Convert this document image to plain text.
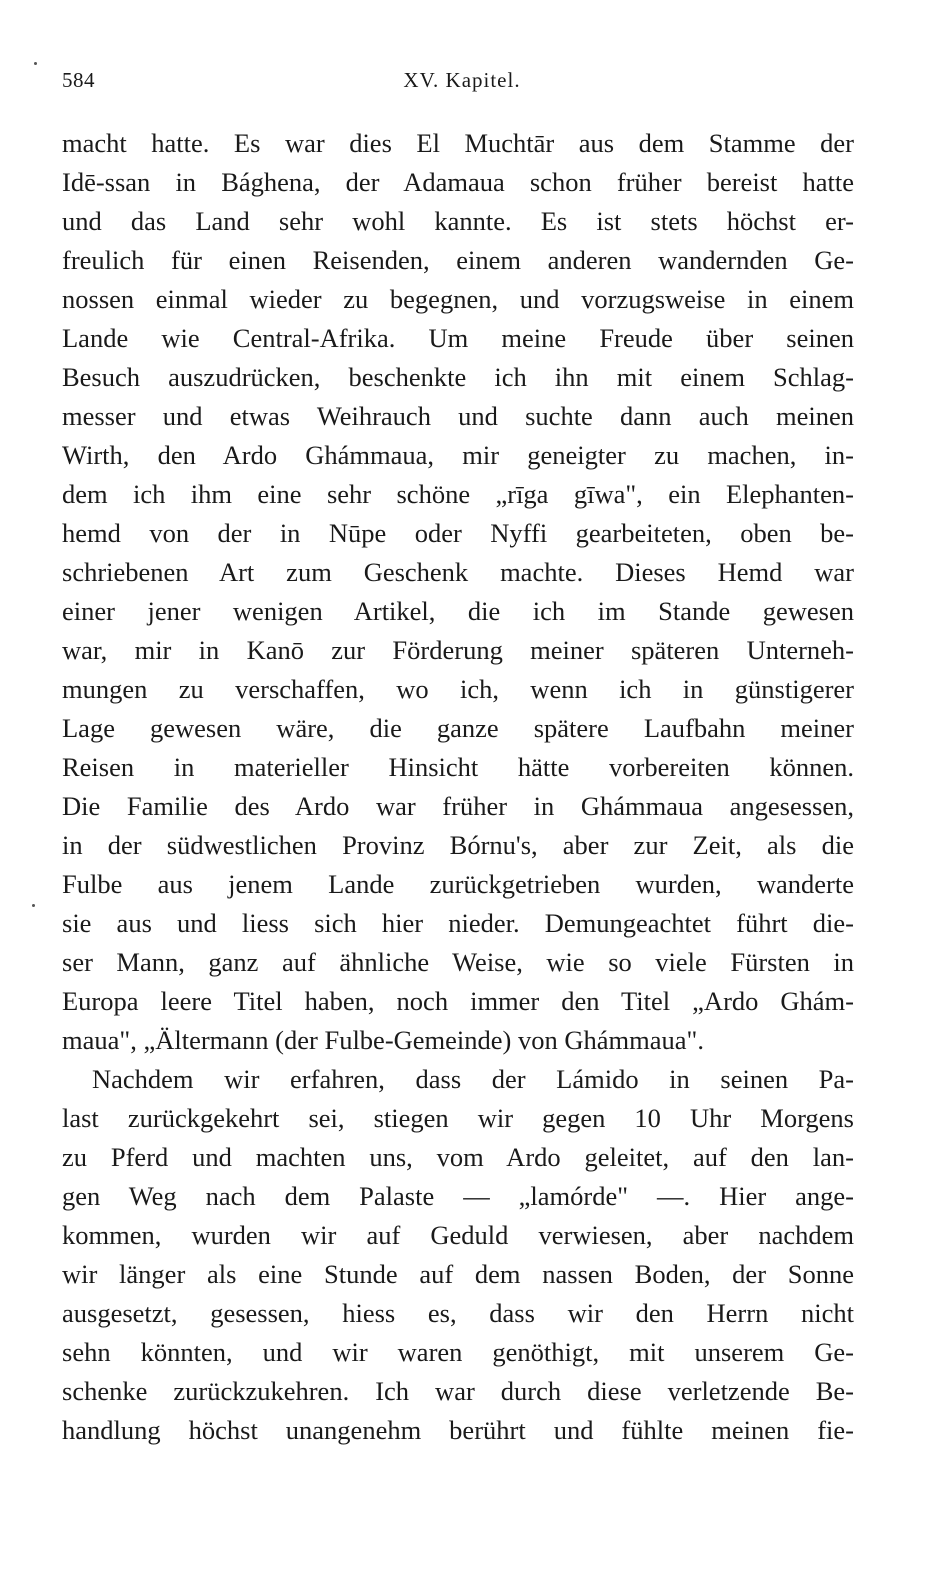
584	XV. Kapitel.
macht hatte. Es war dies El Muchtār aus dem Stamme der
Idē-ssan in Bághena, der Adamaua schon früher bereist hatte
und das Land sehr wohl kannte. Es ist stets höchst er-
freulich für einen Reisenden, einem anderen wandernden Ge-
nossen einmal wieder zu begegnen, und vorzugsweise in einem
Lande wie Central-Afrika. Um meine Freude über seinen
Besuch auszudrücken, beschenkte ich ihn mit einem Schlag-
messer und etwas Weihrauch und suchte dann auch meinen
Wirth, den Ardo Ghámmaua, mir geneigter zu machen, in-
dem ich ihm eine sehr schöne „rīga gīwa", ein Elephanten-
hemd von der in Nūpe oder Nyffi gearbeiteten, oben be-
schriebenen Art zum Geschenk machte. Dieses Hemd war
einer jener wenigen Artikel, die ich im Stande gewesen
war, mir in Kanō zur Förderung meiner späteren Unterneh-
mungen zu verschaffen, wo ich, wenn ich in günstigerer
Lage gewesen wäre, die ganze spätere Laufbahn meiner
Reisen in materieller Hinsicht hätte vorbereiten können.
Die Familie des Ardo war früher in Ghámmaua angesessen,
in der südwestlichen Provinz Bórnu's, aber zur Zeit, als die
Fulbe aus jenem Lande zurückgetrieben wurden, wanderte
sie aus und liess sich hier nieder. Demungeachtet führt die-
ser Mann, ganz auf ähnliche Weise, wie so viele Fürsten in
Europa leere Titel haben, noch immer den Titel „Ardo Ghám-
maua", „Ältermann (der Fulbe-Gemeinde) von Ghámmaua".
Nachdem wir erfahren, dass der Lámido in seinen Pa-
last zurückgekehrt sei, stiegen wir gegen 10 Uhr Morgens
zu Pferd und machten uns, vom Ardo geleitet, auf den lan-
gen Weg nach dem Palaste — „lamórde" —. Hier ange-
kommen, wurden wir auf Geduld verwiesen, aber nachdem
wir länger als eine Stunde auf dem nassen Boden, der Sonne
ausgesetzt, gesessen, hiess es, dass wir den Herrn nicht
sehn könnten, und wir waren genöthigt, mit unserem Ge-
schenke zurückzukehren. Ich war durch diese verletzende Be-
handlung höchst unangenehm berührt und fühlte meinen fie-
